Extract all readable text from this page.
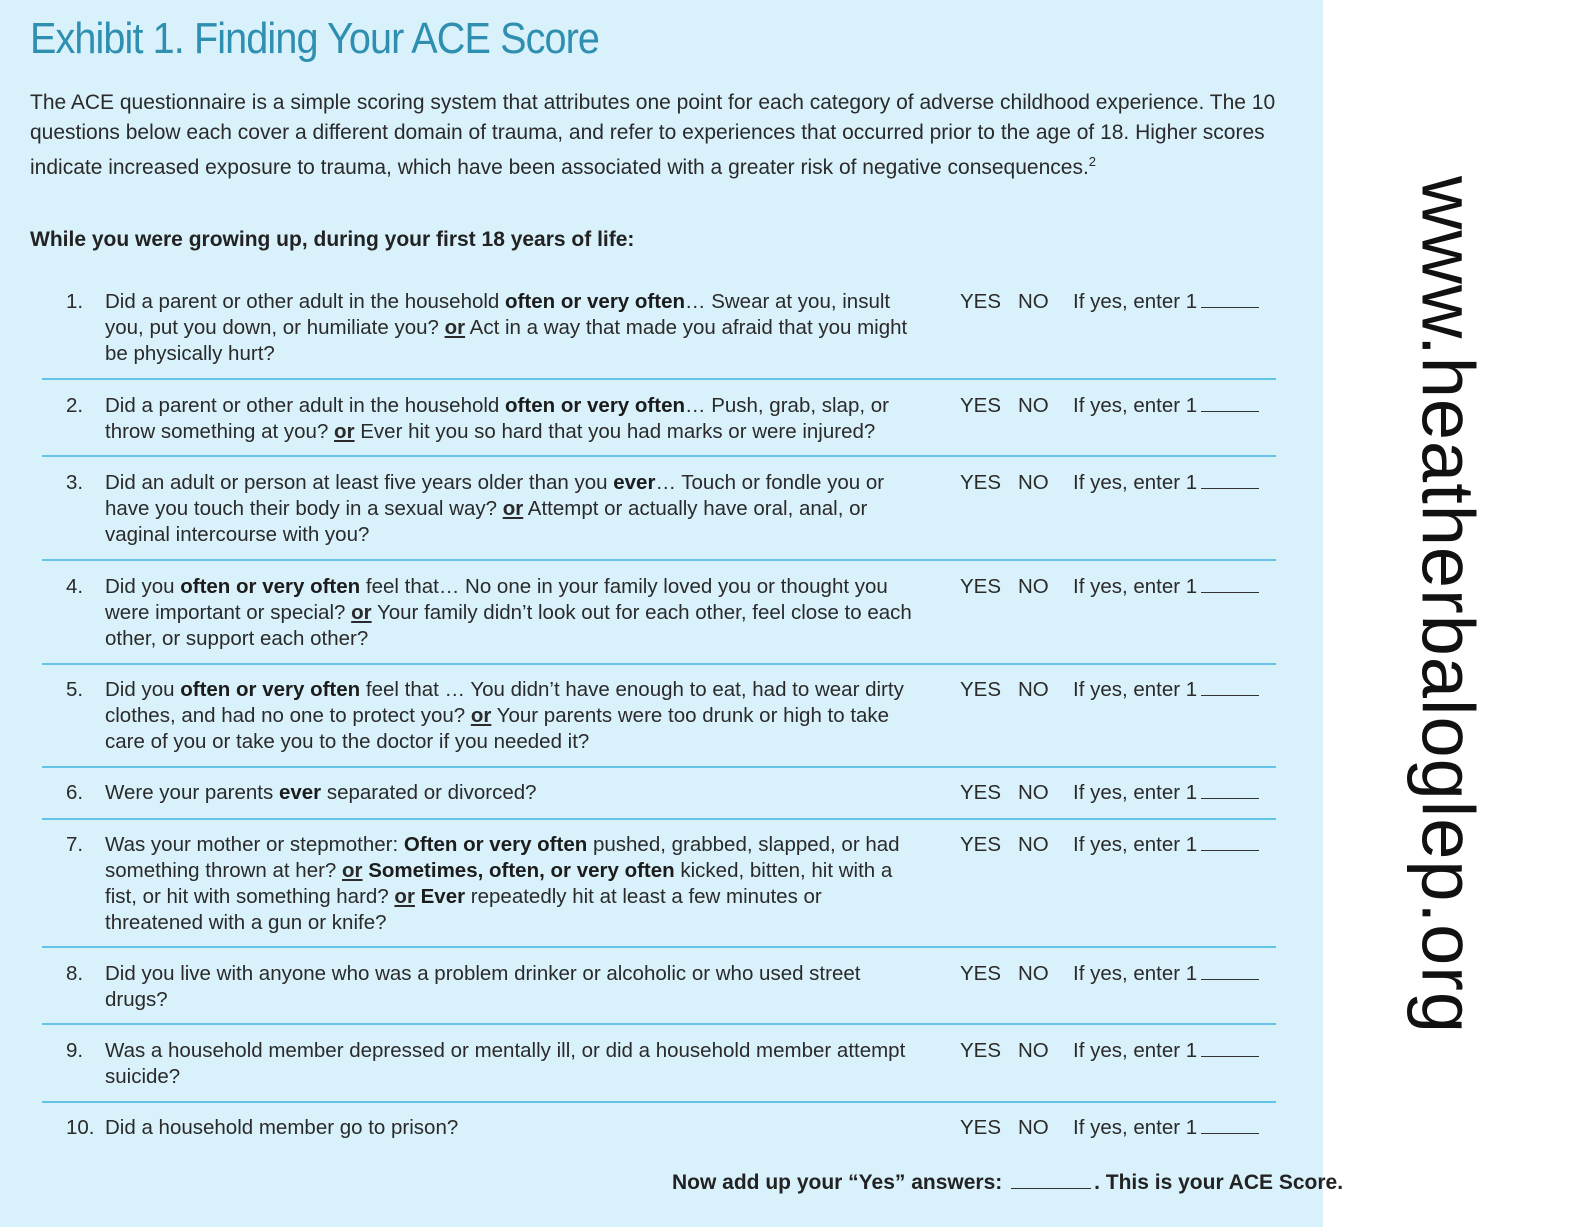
Exhibit 1. Finding Your ACE Score
The ACE questionnaire is a simple scoring system that attributes one point for each category of adverse childhood experience. The 10 questions below each cover a different domain of trauma, and refer to experiences that occurred prior to the age of 18. Higher scores indicate increased exposure to trauma, which have been associated with a greater risk of negative consequences.$^2$
While you were growing up, during your first 18 years of life:
1. Did a parent or other adult in the household often or very often… Swear at you, insult you, put you down, or humiliate you? or Act in a way that made you afraid that you might be physically hurt?
YES NO If yes, enter 1
2. Did a parent or other adult in the household often or very often… Push, grab, slap, or throw something at you? or Ever hit you so hard that you had marks or were injured?
YES NO If yes, enter 1
3. Did an adult or person at least five years older than you ever… Touch or fondle you or have you touch their body in a sexual way? or Attempt or actually have oral, anal, or vaginal intercourse with you?
YES NO If yes, enter 1
4. Did you often or very often feel that… No one in your family loved you or thought you were important or special? or Your family didn’t look out for each other, feel close to each other, or support each other?
YES NO If yes, enter 1
5. Did you often or very often feel that … You didn’t have enough to eat, had to wear dirty clothes, and had no one to protect you? or Your parents were too drunk or high to take care of you or take you to the doctor if you needed it?
YES NO If yes, enter 1
6. Were your parents ever separated or divorced?	YES NO If yes, enter 1
7. Was your mother or stepmother: Often or very often pushed, grabbed, slapped, or had something thrown at her? or Sometimes, often, or very often kicked, bitten, hit with a fist, or hit with something hard? or Ever repeatedly hit at least a few minutes or threatened with a gun or knife?
YES NO If yes, enter 1
8. Did you live with anyone who was a problem drinker or alcoholic or who used street drugs?
YES NO If yes, enter 1
9. Was a household member depressed or mentally ill, or did a household member attempt suicide?
YES NO If yes, enter 1
10. Did a household member go to prison?	YES NO If yes, enter 1
Now add up your “Yes” answers:	. This is your ACE Score.
www.heatherbaloglep.org
